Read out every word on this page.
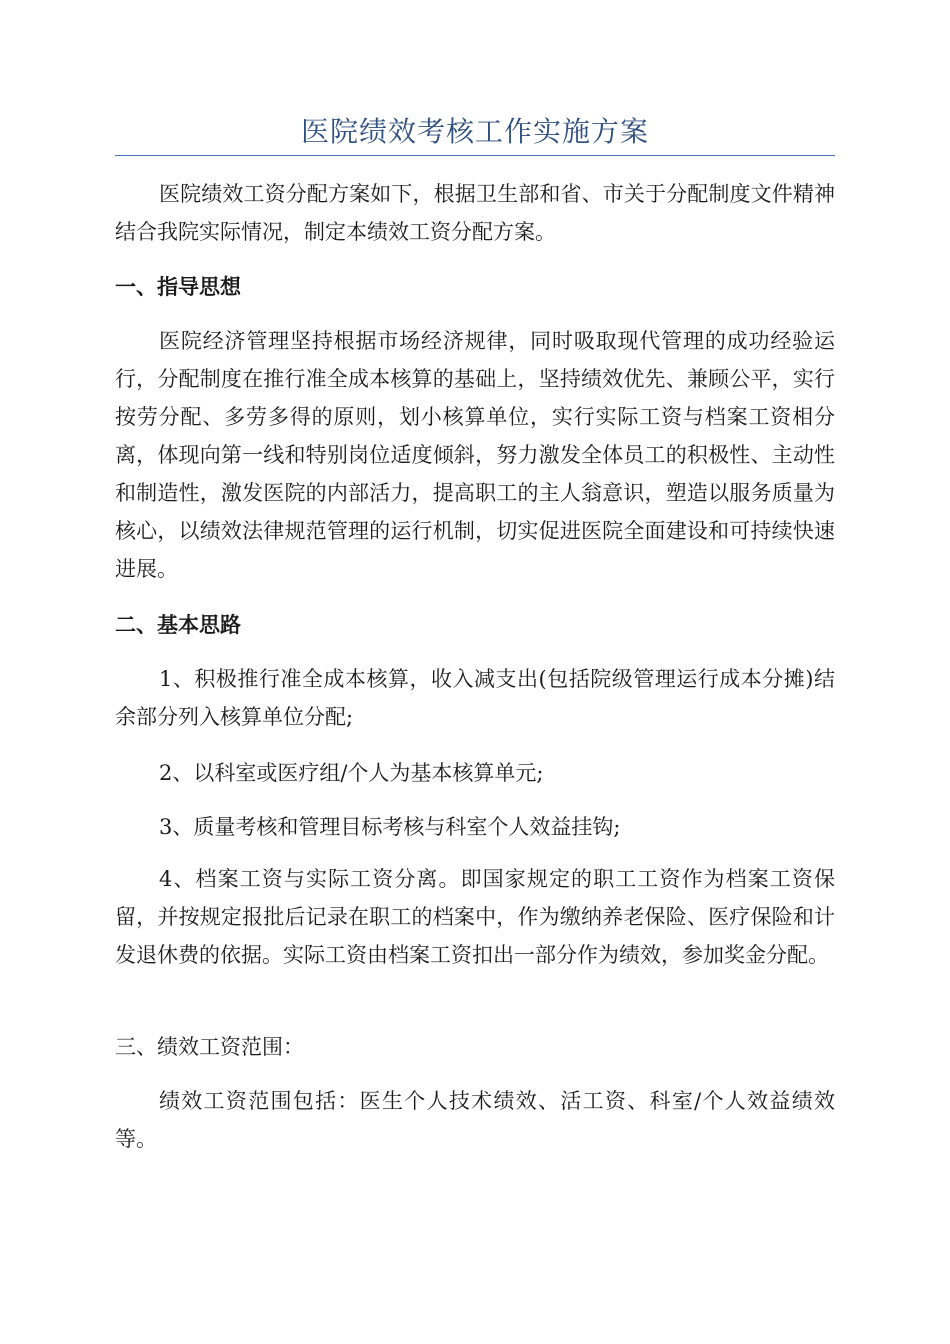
医院绩效考核工作实施方案

医院绩效工资分配方案如下，根据卫生部和省、市关于分配制度文件精神结合我院实际情况，制定本绩效工资分配方案。

一、指导思想

医院经济管理坚持根据市场经济规律，同时吸取现代管理的成功经验运行，分配制度在推行准全成本核算的基础上，坚持绩效优先、兼顾公平，实行按劳分配、多劳多得的原则，划小核算单位，实行实际工资与档案工资相分离，体现向第一线和特别岗位适度倾斜，努力激发全体员工的积极性、主动性和制造性，激发医院的内部活力，提高职工的主人翁意识，塑造以服务质量为核心，以绩效法律规范管理的运行机制，切实促进医院全面建设和可持续快速进展。

二、基本思路

1、积极推行准全成本核算，收入减支出(包括院级管理运行成本分摊)结余部分列入核算单位分配;

2、以科室或医疗组/个人为基本核算单元;

3、质量考核和管理目标考核与科室个人效益挂钩;

4、档案工资与实际工资分离。即国家规定的职工工资作为档案工资保留，并按规定报批后记录在职工的档案中，作为缴纳养老保险、医疗保险和计发退休费的依据。实际工资由档案工资扣出一部分作为绩效，参加奖金分配。

三、绩效工资范围：

绩效工资范围包括：医生个人技术绩效、活工资、科室/个人效益绩效等。
